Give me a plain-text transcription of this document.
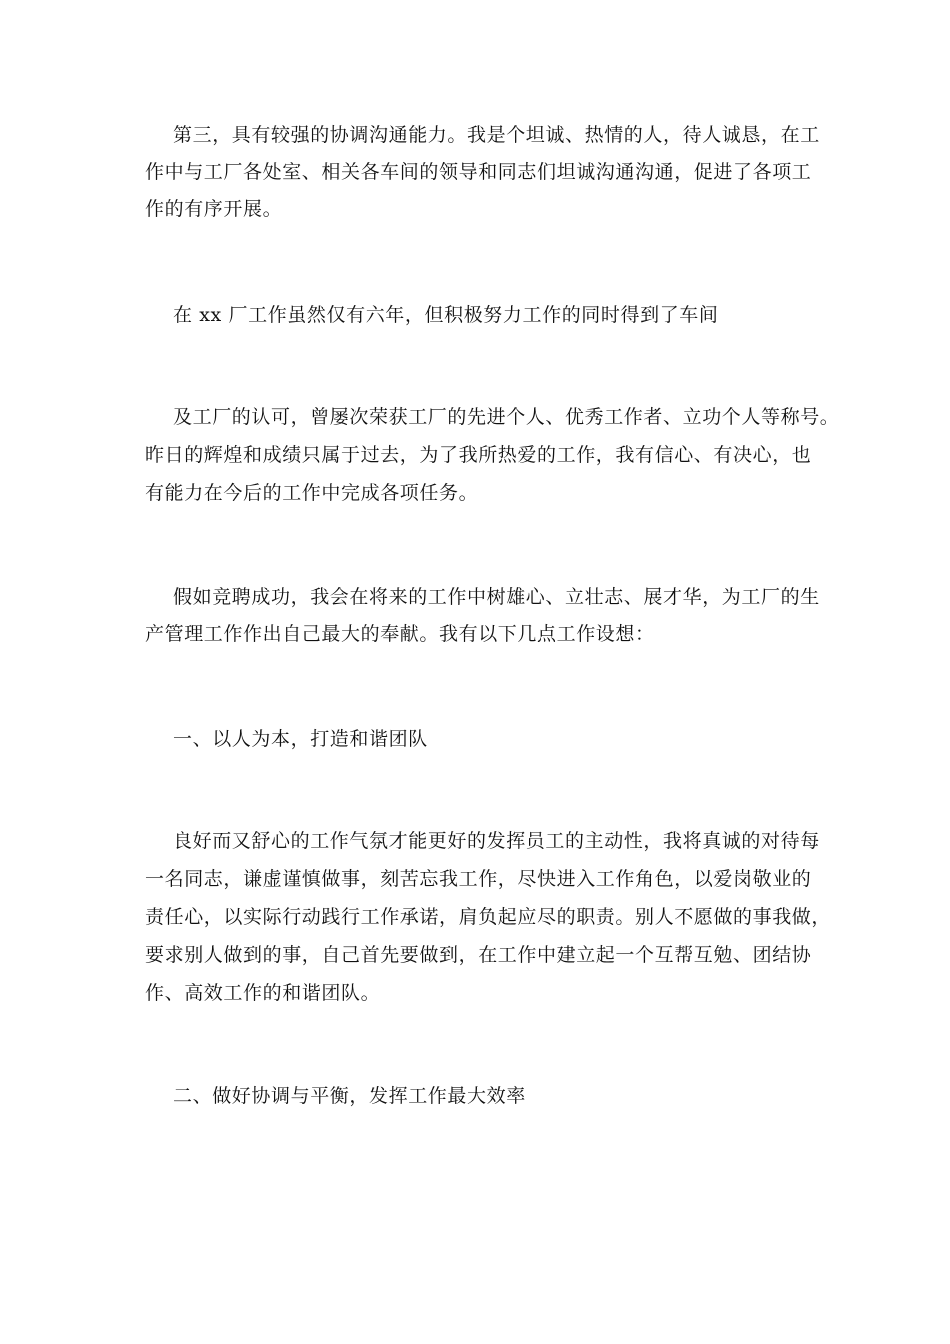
第三，具有较强的协调沟通能力。我是个坦诚、热情的人，待人诚恳，在工

作中与工厂各处室、相关各车间的领导和同志们坦诚沟通沟通，促进了各项工

作的有序开展。

在 xx 厂工作虽然仅有六年，但积极努力工作的同时得到了车间

及工厂的认可，曾屡次荣获工厂的先进个人、优秀工作者、立功个人等称号。

昨日的辉煌和成绩只属于过去，为了我所热爱的工作，我有信心、有决心，也

有能力在今后的工作中完成各项任务。

假如竞聘成功，我会在将来的工作中树雄心、立壮志、展才华，为工厂的生

产管理工作作出自己最大的奉献。我有以下几点工作设想：

一、以人为本，打造和谐团队

良好而又舒心的工作气氛才能更好的发挥员工的主动性，我将真诚的对待每

一名同志，谦虚谨慎做事，刻苦忘我工作，尽快进入工作角色，以爱岗敬业的

责任心，以实际行动践行工作承诺，肩负起应尽的职责。别人不愿做的事我做，

要求别人做到的事，自己首先要做到，在工作中建立起一个互帮互勉、团结协

作、高效工作的和谐团队。

二、做好协调与平衡，发挥工作最大效率
